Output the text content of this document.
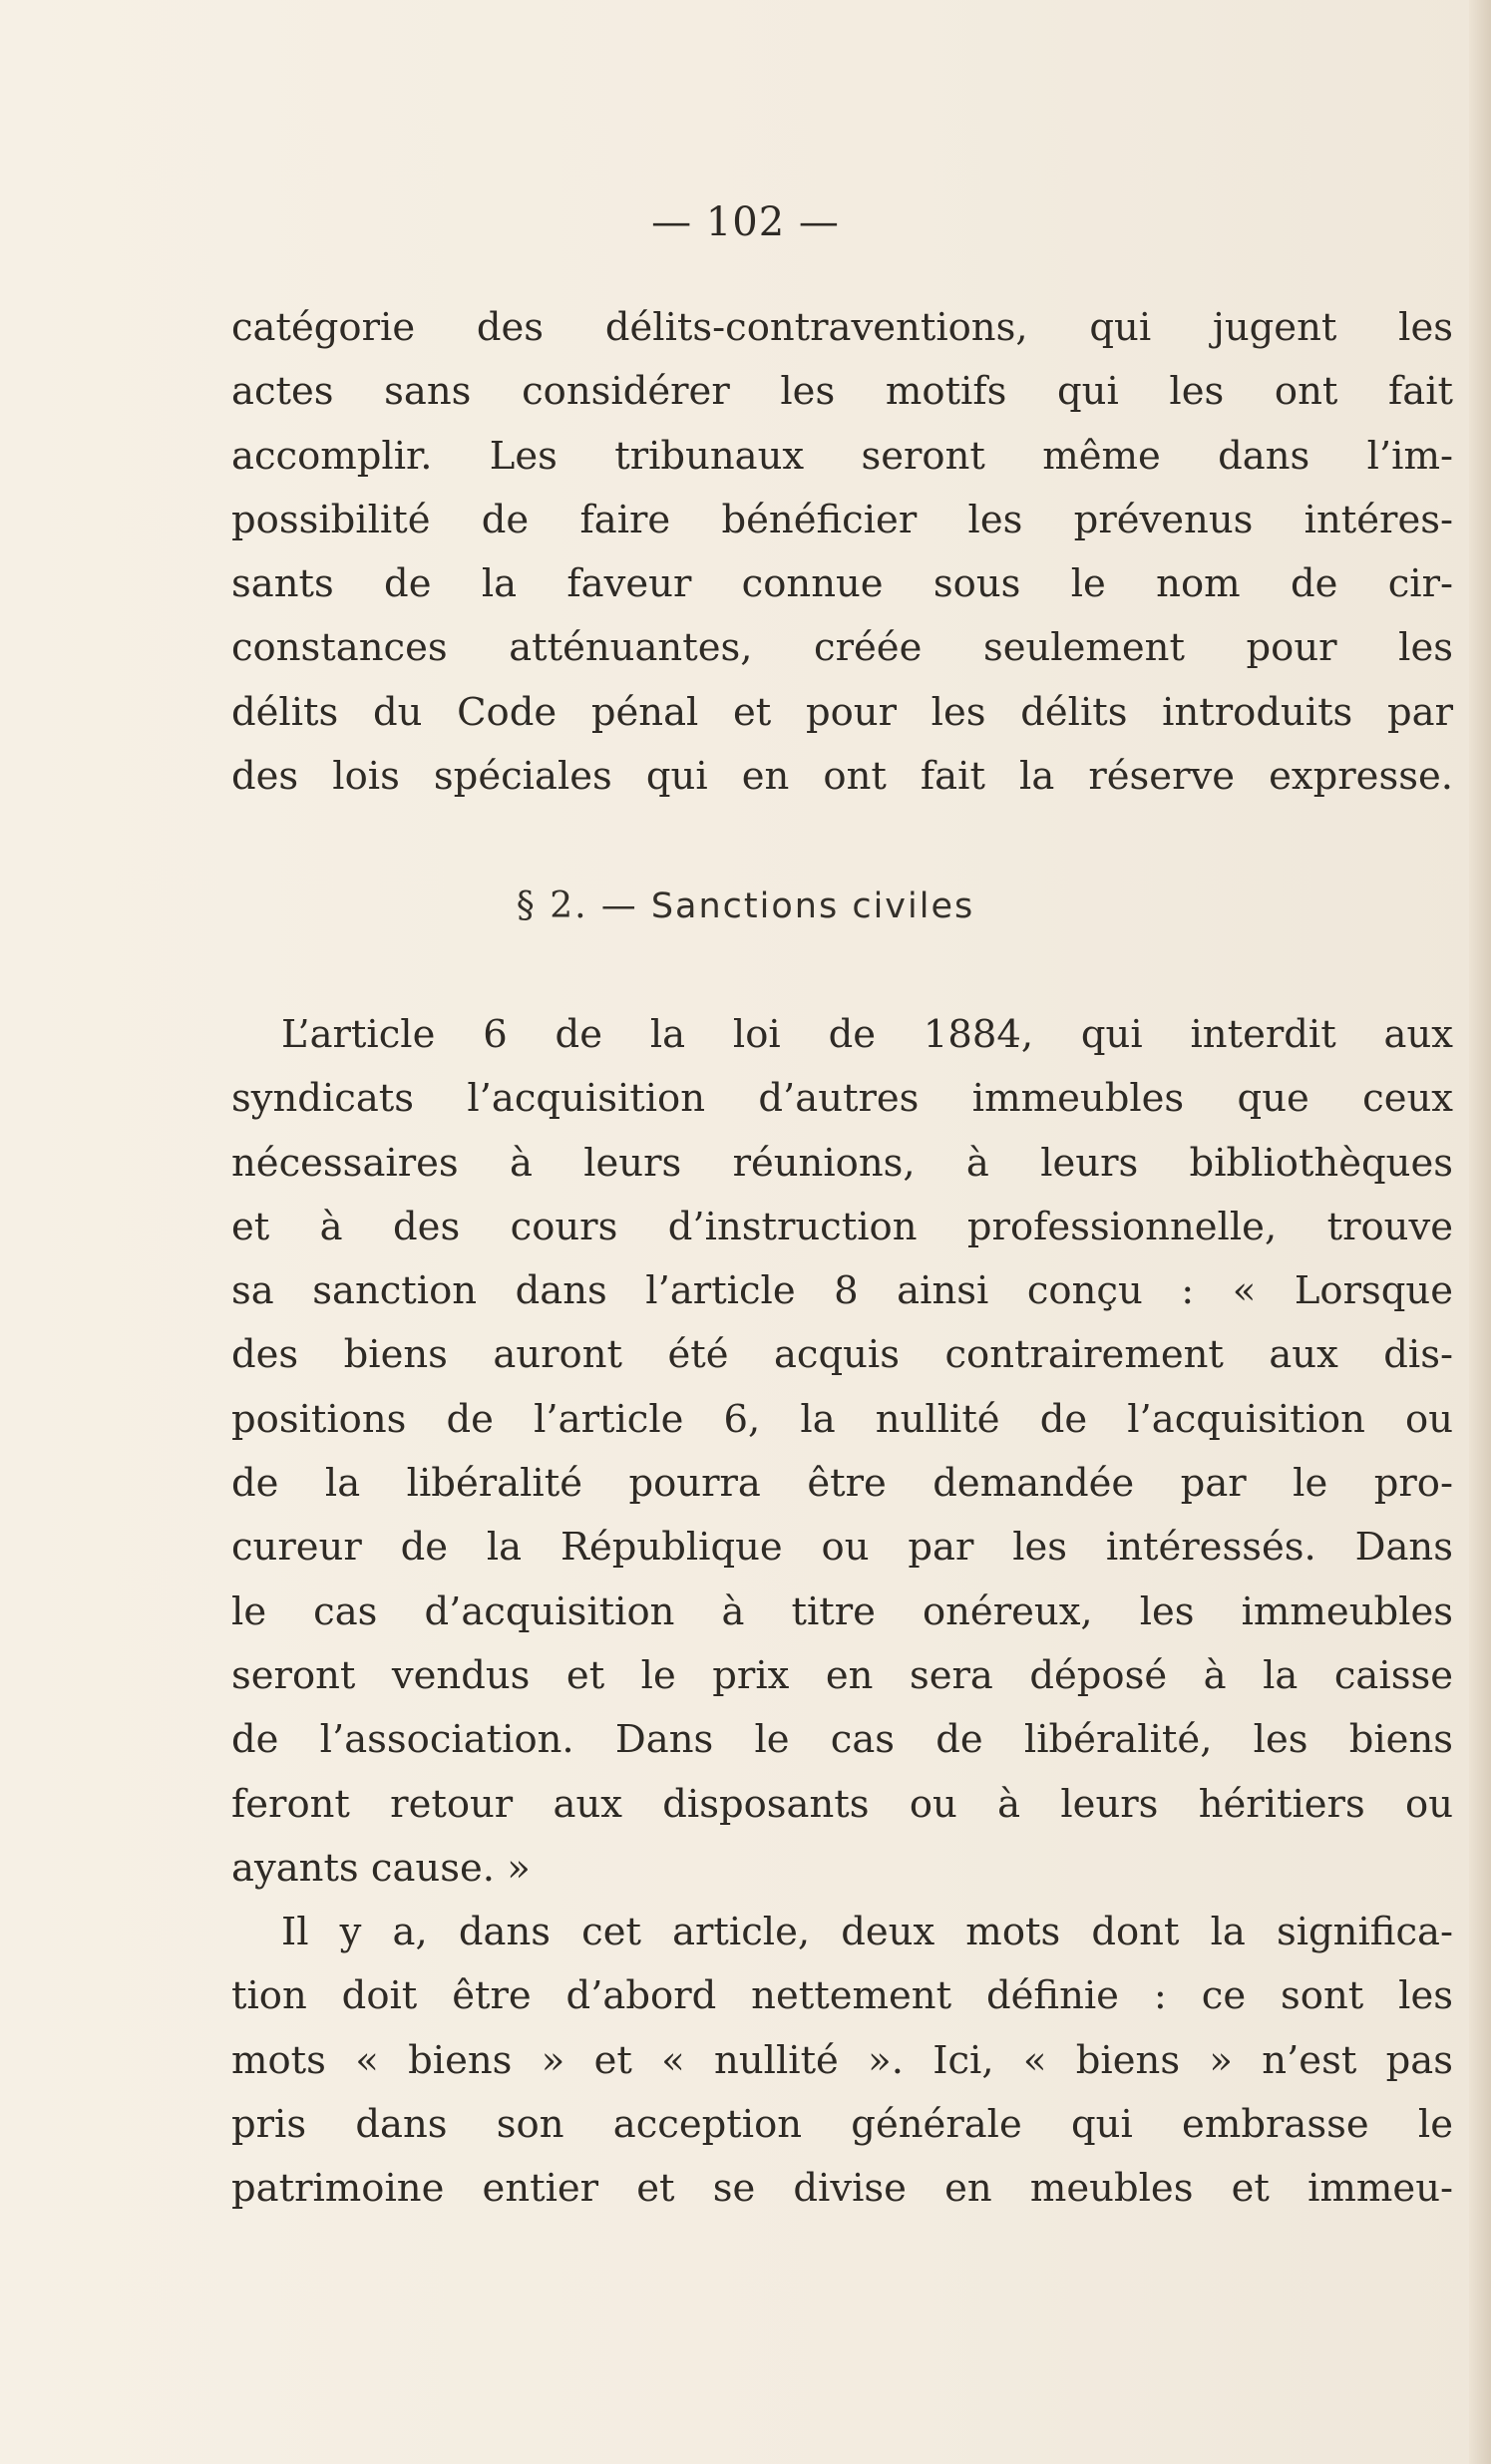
— 102 —
catégorie des délits-contraventions, qui jugent les
actes sans considérer les motifs qui les ont fait
accomplir. Les tribunaux seront même dans l’im-
possibilité de faire bénéficier les prévenus intéres-
sants de la faveur connue sous le nom de cir-
constances atténuantes, créée seulement pour les
délits du Code pénal et pour les délits introduits par
des lois spéciales qui en ont fait la réserve expresse.
§ 2. — Sanctions civiles
L’article 6 de la loi de 1884, qui interdit aux
syndicats l’acquisition d’autres immeubles que ceux
nécessaires à leurs réunions, à leurs bibliothèques
et à des cours d’instruction professionnelle, trouve
sa sanction dans l’article 8 ainsi conçu : « Lorsque
des biens auront été acquis contrairement aux dis-
positions de l’article 6, la nullité de l’acquisition ou
de la libéralité pourra être demandée par le pro-
cureur de la République ou par les intéressés. Dans
le cas d’acquisition à titre onéreux, les immeubles
seront vendus et le prix en sera déposé à la caisse
de l’association. Dans le cas de libéralité, les biens
feront retour aux disposants ou à leurs héritiers ou
ayants cause. »
Il y a, dans cet article, deux mots dont la significa-
tion doit être d’abord nettement définie : ce sont les
mots « biens » et « nullité ». Ici, « biens » n’est pas
pris dans son acception générale qui embrasse le
patrimoine entier et se divise en meubles et immeu-
